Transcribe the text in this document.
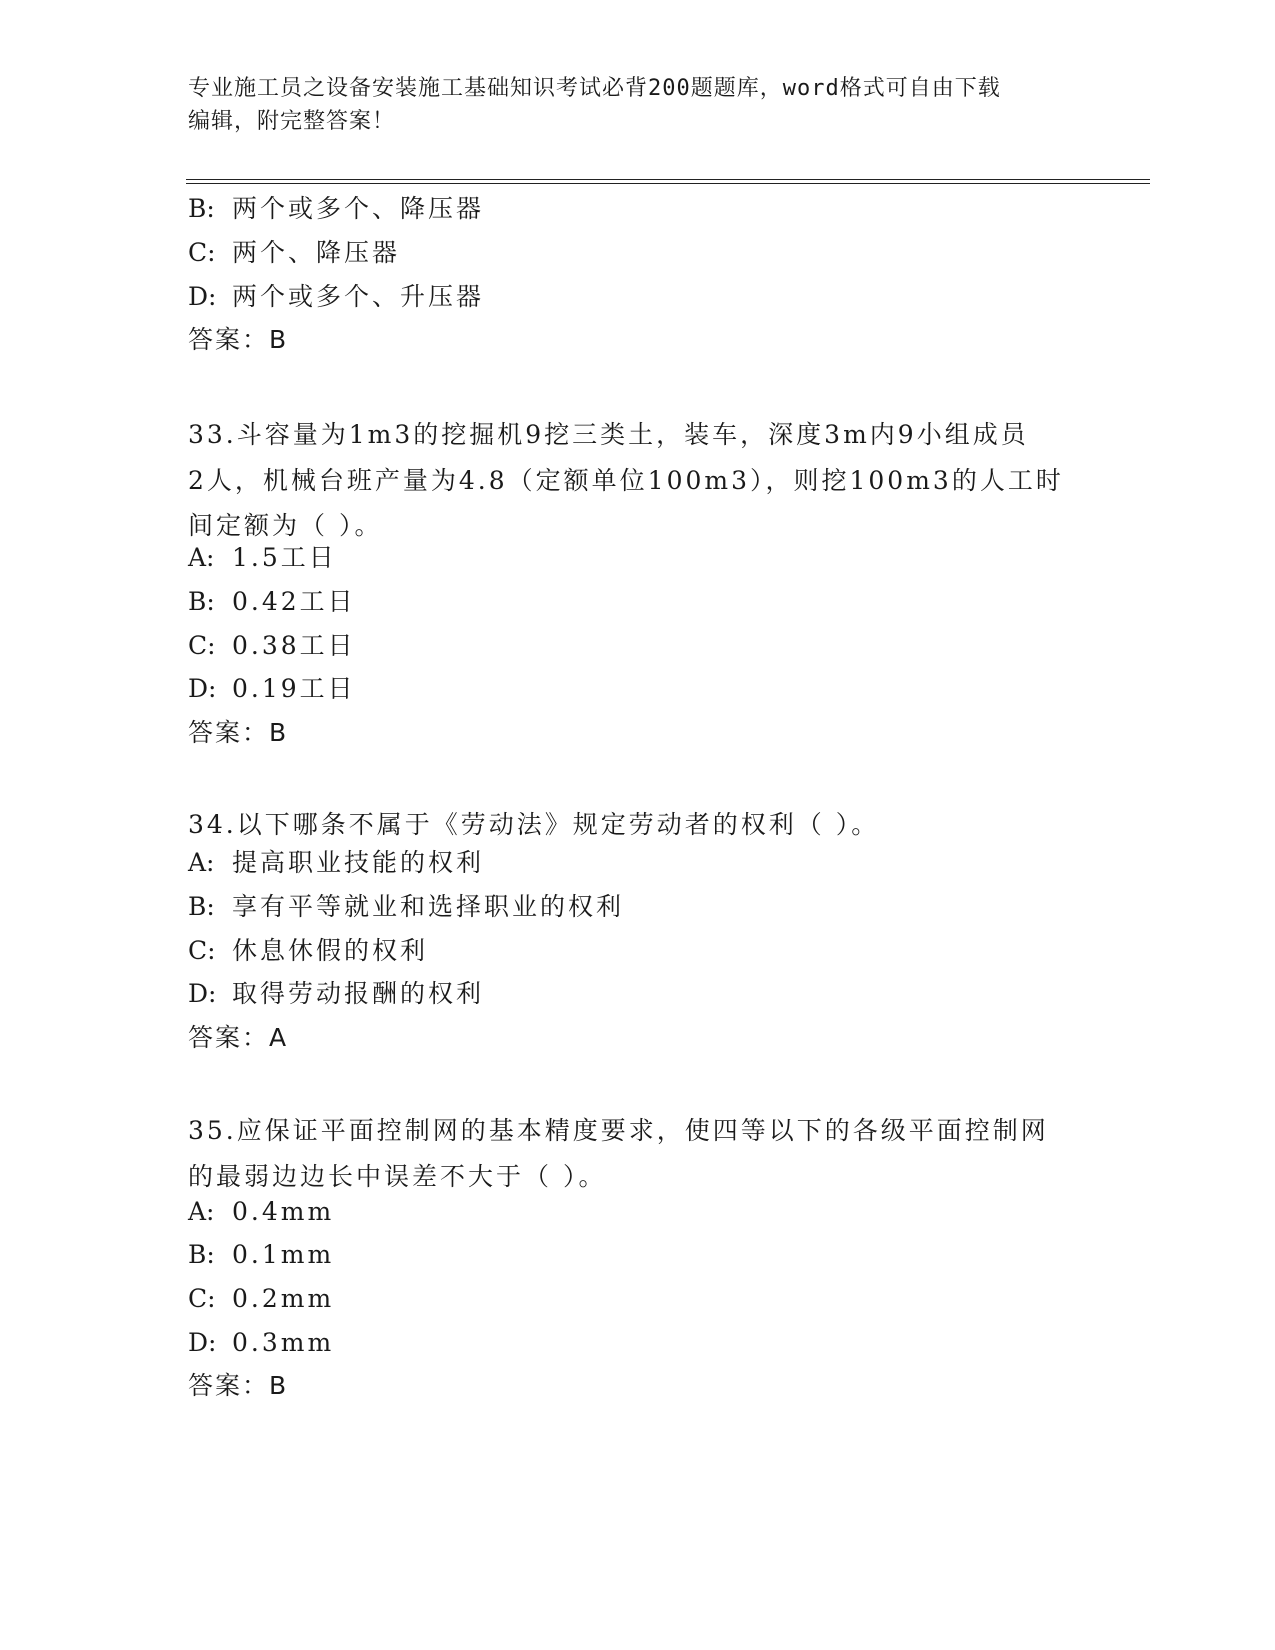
专业施工员之设备安装施工基础知识考试必背200题题库，word格式可自由下载
编辑，附完整答案！
B: 两个或多个、降压器
C: 两个、降压器
D: 两个或多个、升压器
答案：B
33.斗容量为1m3的挖掘机9挖三类土，装车，深度3m内9小组成员
2人，机械台班产量为4.8（定额单位100m3），则挖100m3的人工时
间定额为（ ）。
A: 1.5工日
B: 0.42工日
C: 0.38工日
D: 0.19工日
答案：B
34.以下哪条不属于《劳动法》规定劳动者的权利（ ）。
A: 提高职业技能的权利
B: 享有平等就业和选择职业的权利
C: 休息休假的权利
D: 取得劳动报酬的权利
答案：A
35.应保证平面控制网的基本精度要求，使四等以下的各级平面控制网
的最弱边边长中误差不大于（ ）。
A: 0.4mm
B: 0.1mm
C: 0.2mm
D: 0.3mm
答案：B
